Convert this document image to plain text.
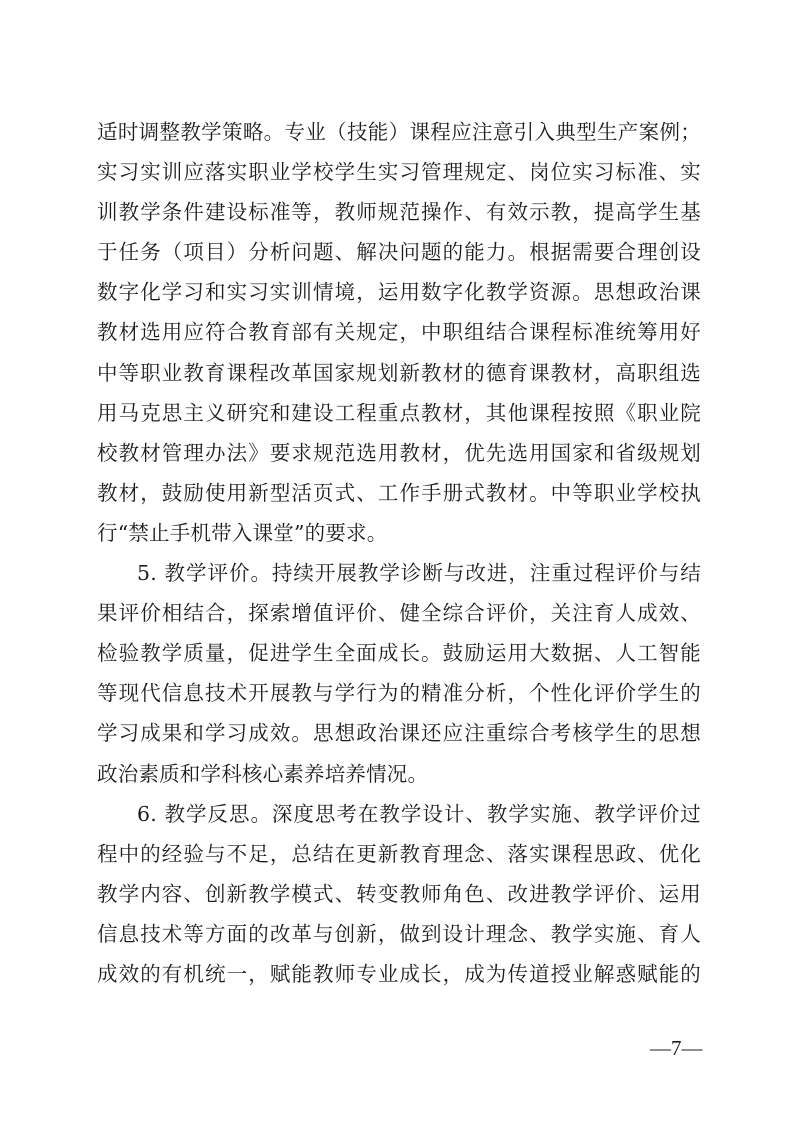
适时调整教学策略。专业（技能）课程应注意引入典型生产案例；
实习实训应落实职业学校学生实习管理规定、岗位实习标准、实
训教学条件建设标准等，教师规范操作、有效示教，提高学生基
于任务（项目）分析问题、解决问题的能力。根据需要合理创设
数字化学习和实习实训情境，运用数字化教学资源。思想政治课
教材选用应符合教育部有关规定，中职组结合课程标准统筹用好
中等职业教育课程改革国家规划新教材的德育课教材，高职组选
用马克思主义研究和建设工程重点教材，其他课程按照《职业院
校教材管理办法》要求规范选用教材，优先选用国家和省级规划
教材，鼓励使用新型活页式、工作手册式教材。中等职业学校执
行“禁止手机带入课堂”的要求。
5. 教学评价。持续开展教学诊断与改进，注重过程评价与结
果评价相结合，探索增值评价、健全综合评价，关注育人成效、
检验教学质量，促进学生全面成长。鼓励运用大数据、人工智能
等现代信息技术开展教与学行为的精准分析，个性化评价学生的
学习成果和学习成效。思想政治课还应注重综合考核学生的思想
政治素质和学科核心素养培养情况。
6. 教学反思。深度思考在教学设计、教学实施、教学评价过
程中的经验与不足，总结在更新教育理念、落实课程思政、优化
教学内容、创新教学模式、转变教师角色、改进教学评价、运用
信息技术等方面的改革与创新，做到设计理念、教学实施、育人
成效的有机统一，赋能教师专业成长，成为传道授业解惑赋能的
—7—
